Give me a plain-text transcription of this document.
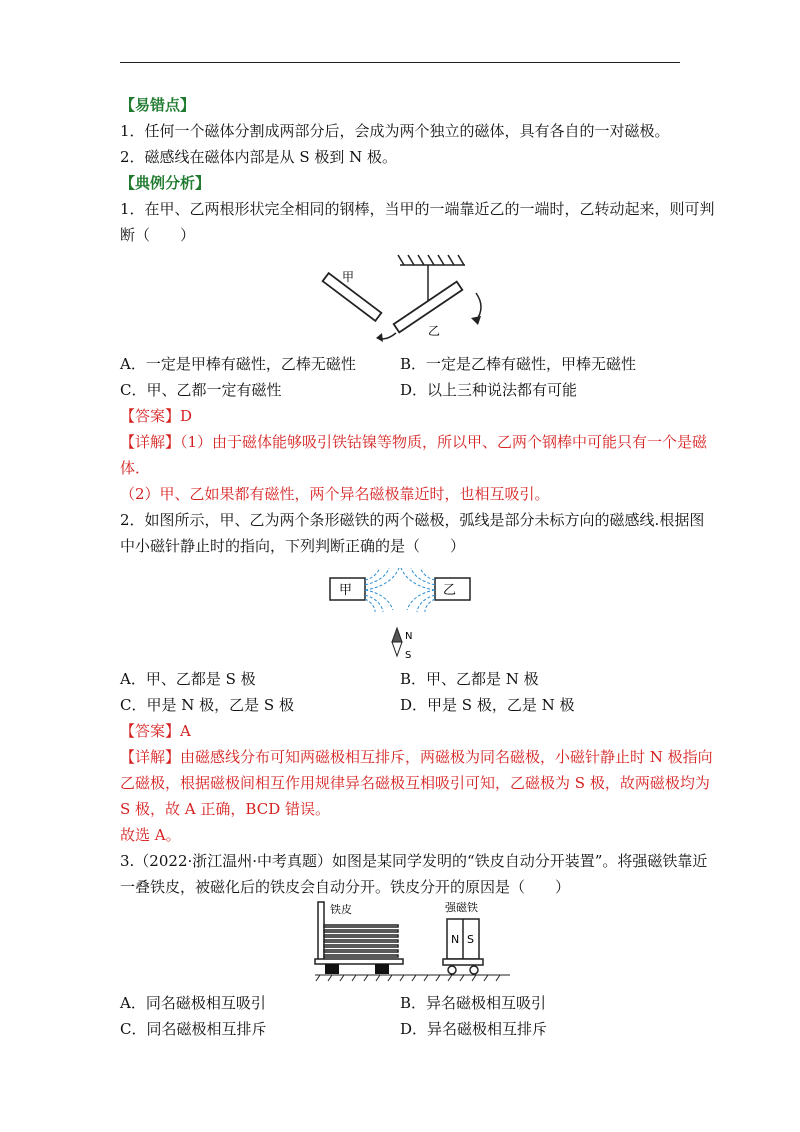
【易错点】
1．任何一个磁体分割成两部分后，会成为两个独立的磁体，具有各自的一对磁极。
2．磁感线在磁体内部是从 S 极到 N 极。
【典例分析】
1．在甲、乙两根形状完全相同的钢棒，当甲的一端靠近乙的一端时，乙转动起来，则可判
断（　　）
甲
乙
A．一定是甲棒有磁性，乙棒无磁性	B．一定是乙棒有磁性，甲棒无磁性
C．甲、乙都一定有磁性	D．以上三种说法都有可能
【答案】D
【详解】（1）由于磁体能够吸引铁钴镍等物质，所以甲、乙两个钢棒中可能只有一个是磁
体．
（2）甲、乙如果都有磁性，两个异名磁极靠近时，也相互吸引。
2．如图所示，甲、乙为两个条形磁铁的两个磁极，弧线是部分未标方向的磁感线.根据图
中小磁针静止时的指向，下列判断正确的是（　　）
甲	乙
N
S
A．甲、乙都是 S 极	B．甲、乙都是 N 极
C．甲是 N 极，乙是 S 极	D．甲是 S 极，乙是 N 极
【答案】A
【详解】由磁感线分布可知两磁极相互排斥，两磁极为同名磁极，小磁针静止时 N 极指向
乙磁极，根据磁极间相互作用规律异名磁极互相吸引可知，乙磁极为 S 极，故两磁极均为
S 极，故 A 正确，BCD 错误。
故选 A。
3.（2022·浙江温州·中考真题）如图是某同学发明的“铁皮自动分开装置”。将强磁铁靠近
一叠铁皮，被磁化后的铁皮会自动分开。铁皮分开的原因是（　　）
铁皮
N S
强磁铁
A．同名磁极相互吸引	B．异名磁极相互吸引
C．同名磁极相互排斥	D．异名磁极相互排斥
